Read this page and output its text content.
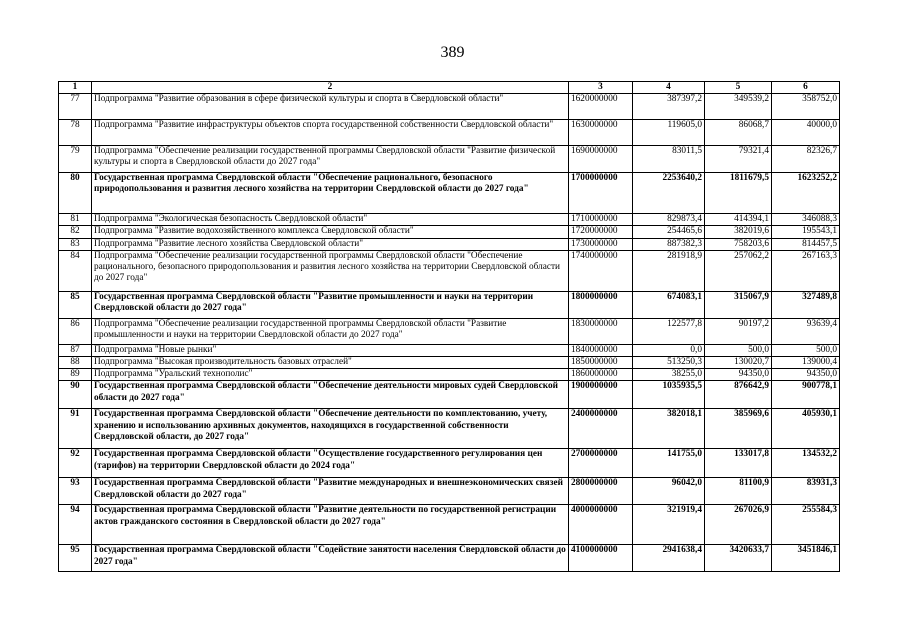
389
1	2	3	4	5	6
77	Подпрограмма "Развитие образования в сфере физической культуры и спорта в Свердловской области"	1620000000	387397,2	349539,2	358752,0
78	Подпрограмма "Развитие инфраструктуры объектов спорта государственной собственности Свердловской области"	1630000000	119605,0	86068,7	40000,0
79	Подпрограмма "Обеспечение реализации государственной программы Свердловской области "Развитие физической культуры и спорта в Свердловской области до 2027 года"	1690000000	83011,5	79321,4	82326,7
80	Государственная программа Свердловской области "Обеспечение рационального, безопасного природопользования и развития лесного хозяйства на территории Свердловской области до 2027 года"	1700000000	2253640,2	1811679,5	1623252,2
81	Подпрограмма "Экологическая безопасность Свердловской области"	1710000000	829873,4	414394,1	346088,3
82	Подпрограмма "Развитие водохозяйственного комплекса Свердловской области"	1720000000	254465,6	382019,6	195543,1
83	Подпрограмма "Развитие лесного хозяйства Свердловской области"	1730000000	887382,3	758203,6	814457,5
84	Подпрограмма "Обеспечение реализации государственной программы Свердловской области "Обеспечение рационального, безопасного природопользования и развития лесного хозяйства на территории Свердловской области до 2027 года"	1740000000	281918,9	257062,2	267163,3
85	Государственная программа Свердловской области "Развитие промышленности и науки на территории Свердловской области до 2027 года"	1800000000	674083,1	315067,9	327489,8
86	Подпрограмма "Обеспечение реализации государственной программы Свердловской области "Развитие промышленности и науки на территории Свердловской области до 2027 года"	1830000000	122577,8	90197,2	93639,4
87	Подпрограмма "Новые рынки"	1840000000	0,0	500,0	500,0
88	Подпрограмма "Высокая производительность базовых отраслей"	1850000000	513250,3	130020,7	139000,4
89	Подпрограмма "Уральский технополис"	1860000000	38255,0	94350,0	94350,0
90	Государственная программа Свердловской области "Обеспечение деятельности мировых судей Свердловской области до 2027 года"	1900000000	1035935,5	876642,9	900778,1
91	Государственная программа Свердловской области "Обеспечение деятельности по комплектованию, учету, хранению и использованию архивных документов, находящихся в государственной собственности Свердловской области, до 2027 года"	2400000000	382018,1	385969,6	405930,1
92	Государственная программа Свердловской области "Осуществление государственного регулирования цен (тарифов) на территории Свердловской области до 2024 года"	2700000000	141755,0	133017,8	134532,2
93	Государственная программа Свердловской области "Развитие международных и внешнеэкономических связей Свердловской области до 2027 года"	2800000000	96042,0	81100,9	83931,3
94	Государственная программа Свердловской области "Развитие деятельности по государственной регистрации актов гражданского состояния в Свердловской области до 2027 года"	4000000000	321919,4	267026,9	255584,3
95	Государственная программа Свердловской области "Содействие занятости населения Свердловской области до 2027 года"	4100000000	2941638,4	3420633,7	3451846,1
